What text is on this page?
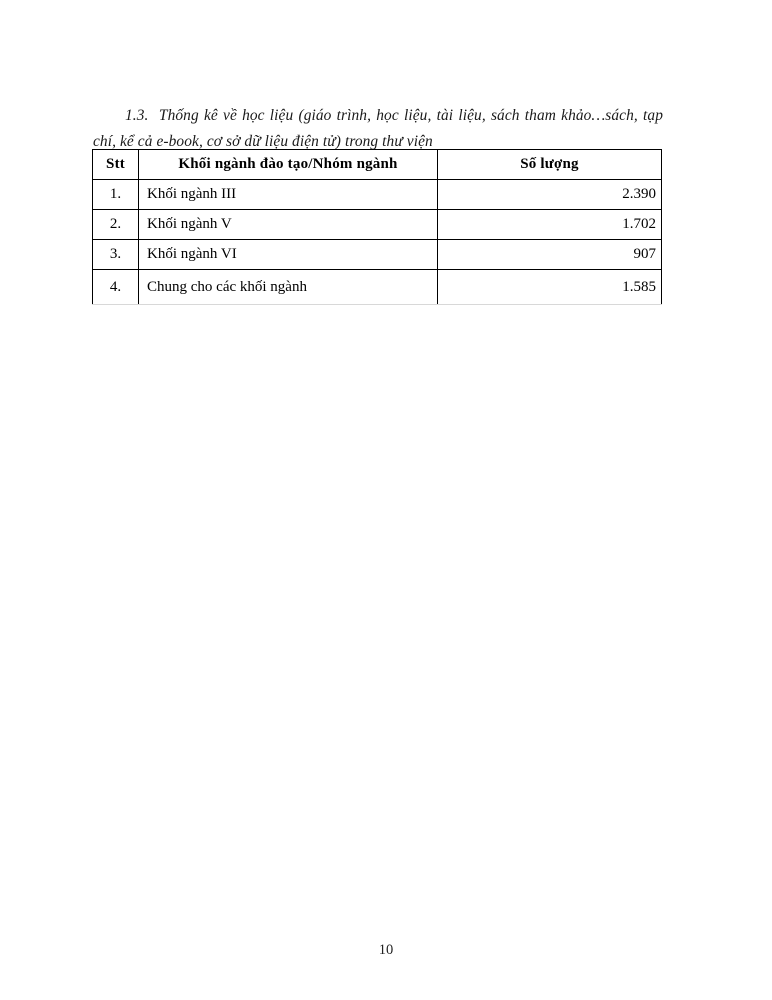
1.3. Thống kê về học liệu (giáo trình, học liệu, tài liệu, sách tham khảo…sách, tạp chí, kể cả e-book, cơ sở dữ liệu điện tử) trong thư viện

Stt	Khối ngành đào tạo/Nhóm ngành	Số lượng
1.	Khối ngành III	2.390
2.	Khối ngành V	1.702
3.	Khối ngành VI	907
4.	Chung cho các khối ngành	1.585
10
